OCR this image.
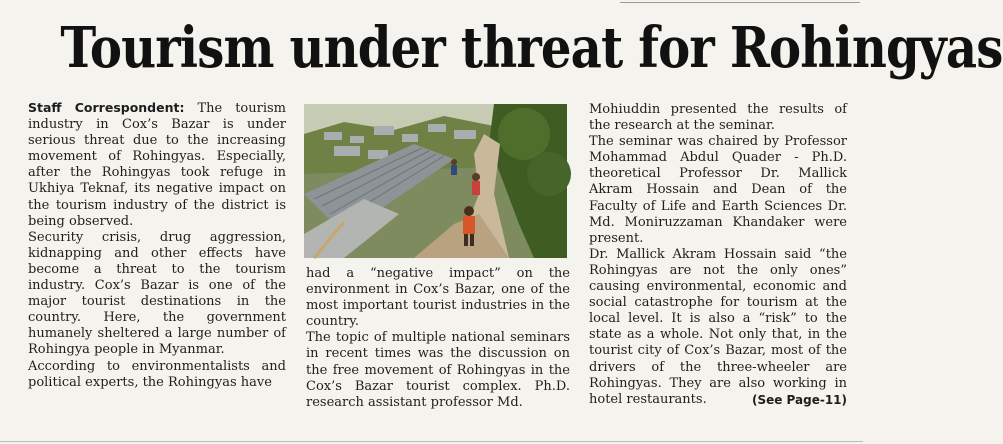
Tourism under threat for Rohingyas

Staff Correspondent: The tourism industry in Cox’s Bazar is under serious threat due to the increasing movement of Rohingyas. Especially, after the Rohingyas took refuge in Ukhiya Teknaf, its negative impact on the tourism industry of the district is being observed.

Security crisis, drug aggression, kidnapping and other effects have become a threat to the tourism industry. Cox’s Bazar is one of the major tourist destinations in the country. Here, the government humanely sheltered a large number of Rohingya people in Myanmar.

According to environmentalists and political experts, the Rohingyas have

had a “negative impact” on the environment in Cox’s Bazar, one of the most important tourist industries in the country.

The topic of multiple national seminars in recent times was the discussion on the free movement of Rohingyas in the Cox’s Bazar tourist complex. Ph.D. research assistant professor Md.

Mohiuddin presented the results of the research at the seminar.

The seminar was chaired by Professor Mohammad Abdul Quader - Ph.D. theoretical Professor Dr. Mallick Akram Hossain and Dean of the Faculty of Life and Earth Sciences Dr. Md. Moniruzzaman Khandaker were present.

Dr. Mallick Akram Hossain said “the Rohingyas are not the only ones” causing environmental, economic and social catastrophe for tourism at the local level. It is also a “risk” to the state as a whole. Not only that, in the tourist city of Cox’s Bazar, most of the drivers of the three-wheeler are Rohingyas. They are also working in hotel restaurants.	(See Page-11)
